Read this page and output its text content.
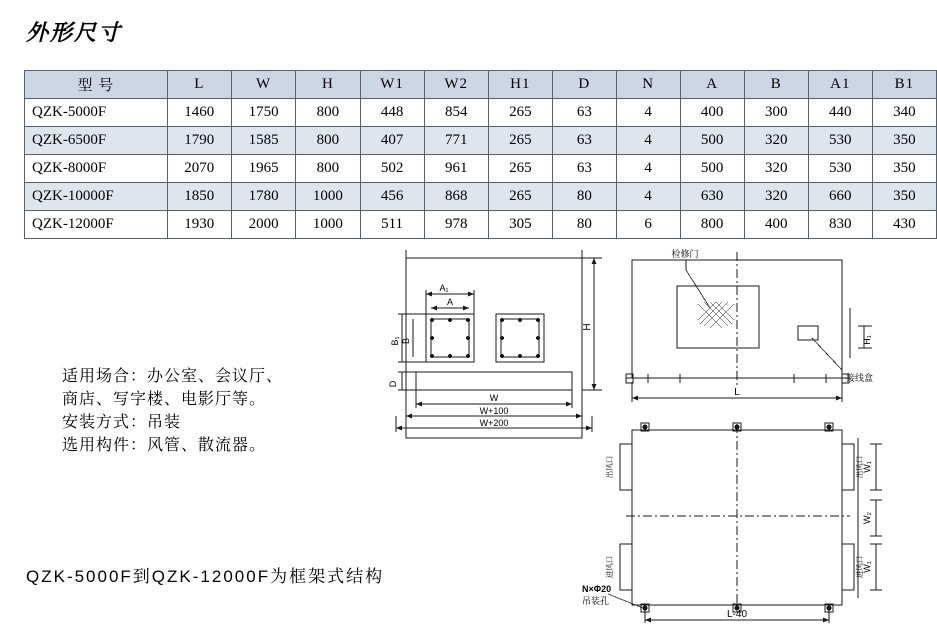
外形尺寸
型 号	L	W	H	W1	W2	H1	D	N	A	B	A1	B1
QZK-5000F	1460	1750	800	448	854	265	63	4	400	300	440	340
QZK-6500F	1790	1585	800	407	771	265	63	4	500	320	530	350
QZK-8000F	2070	1965	800	502	961	265	63	4	500	320	530	350
QZK-10000F	1850	1780	1000	456	868	265	80	4	630	320	660	350
QZK-12000F	1930	2000	1000	511	978	305	80	6	800	400	830	430
适用场合：办公室、会议厅、
商店、写字楼、电影厅等。
安装方式：吊装
选用构件：风管、散流器。
QZK-5000F到QZK-12000F为框架式结构
A₁
A
B₁ B
D
H
W
W+100
W+200
检修门
接线盒
H₁
L
W₁
W₂
W₁
出风口
进风口
出风口
进风口
N×Φ20
吊装孔
L-40
